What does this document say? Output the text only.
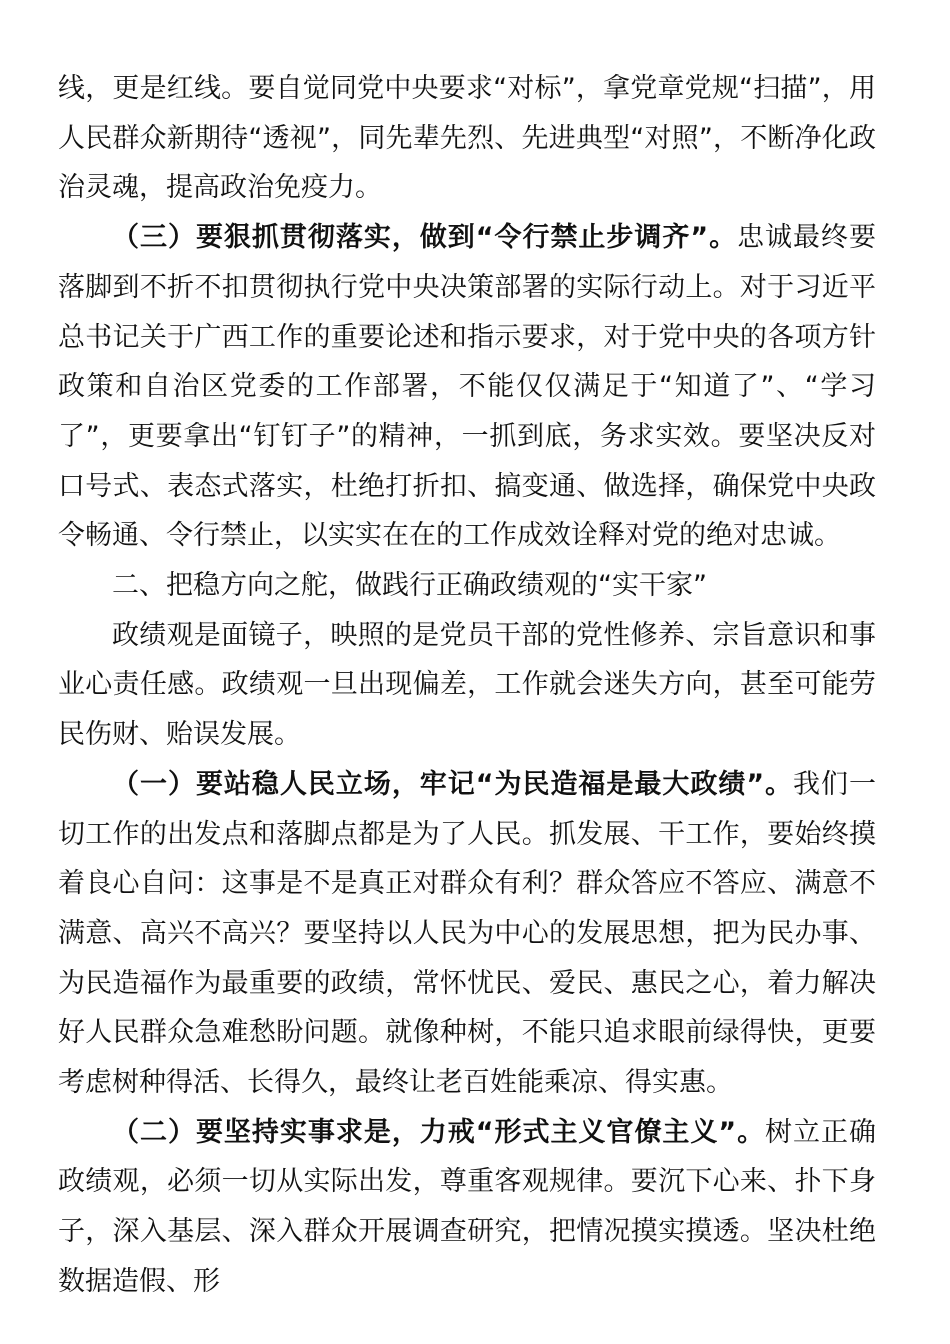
线，更是红线。要自觉同党中央要求“对标”，拿党章党规“扫描”，用人民群众新期待“透视”，同先辈先烈、先进典型“对照”，不断净化政治灵魂，提高政治免疫力。

（三）要狠抓贯彻落实，做到“令行禁止步调齐”。忠诚最终要落脚到不折不扣贯彻执行党中央决策部署的实际行动上。对于习近平总书记关于广西工作的重要论述和指示要求，对于党中央的各项方针政策和自治区党委的工作部署，不能仅仅满足于“知道了”、“学习了”，更要拿出“钉钉子”的精神，一抓到底，务求实效。要坚决反对口号式、表态式落实，杜绝打折扣、搞变通、做选择，确保党中央政令畅通、令行禁止，以实实在在的工作成效诠释对党的绝对忠诚。

二、把稳方向之舵，做践行正确政绩观的“实干家”

政绩观是面镜子，映照的是党员干部的党性修养、宗旨意识和事业心责任感。政绩观一旦出现偏差，工作就会迷失方向，甚至可能劳民伤财、贻误发展。

（一）要站稳人民立场，牢记“为民造福是最大政绩”。我们一切工作的出发点和落脚点都是为了人民。抓发展、干工作，要始终摸着良心自问：这事是不是真正对群众有利？群众答应不答应、满意不满意、高兴不高兴？要坚持以人民为中心的发展思想，把为民办事、为民造福作为最重要的政绩，常怀忧民、爱民、惠民之心，着力解决好人民群众急难愁盼问题。就像种树，不能只追求眼前绿得快，更要考虑树种得活、长得久，最终让老百姓能乘凉、得实惠。

（二）要坚持实事求是，力戒“形式主义官僚主义”。树立正确政绩观，必须一切从实际出发，尊重客观规律。要沉下心来、扑下身子，深入基层、深入群众开展调查研究，把情况摸实摸透。坚决杜绝数据造假、形
